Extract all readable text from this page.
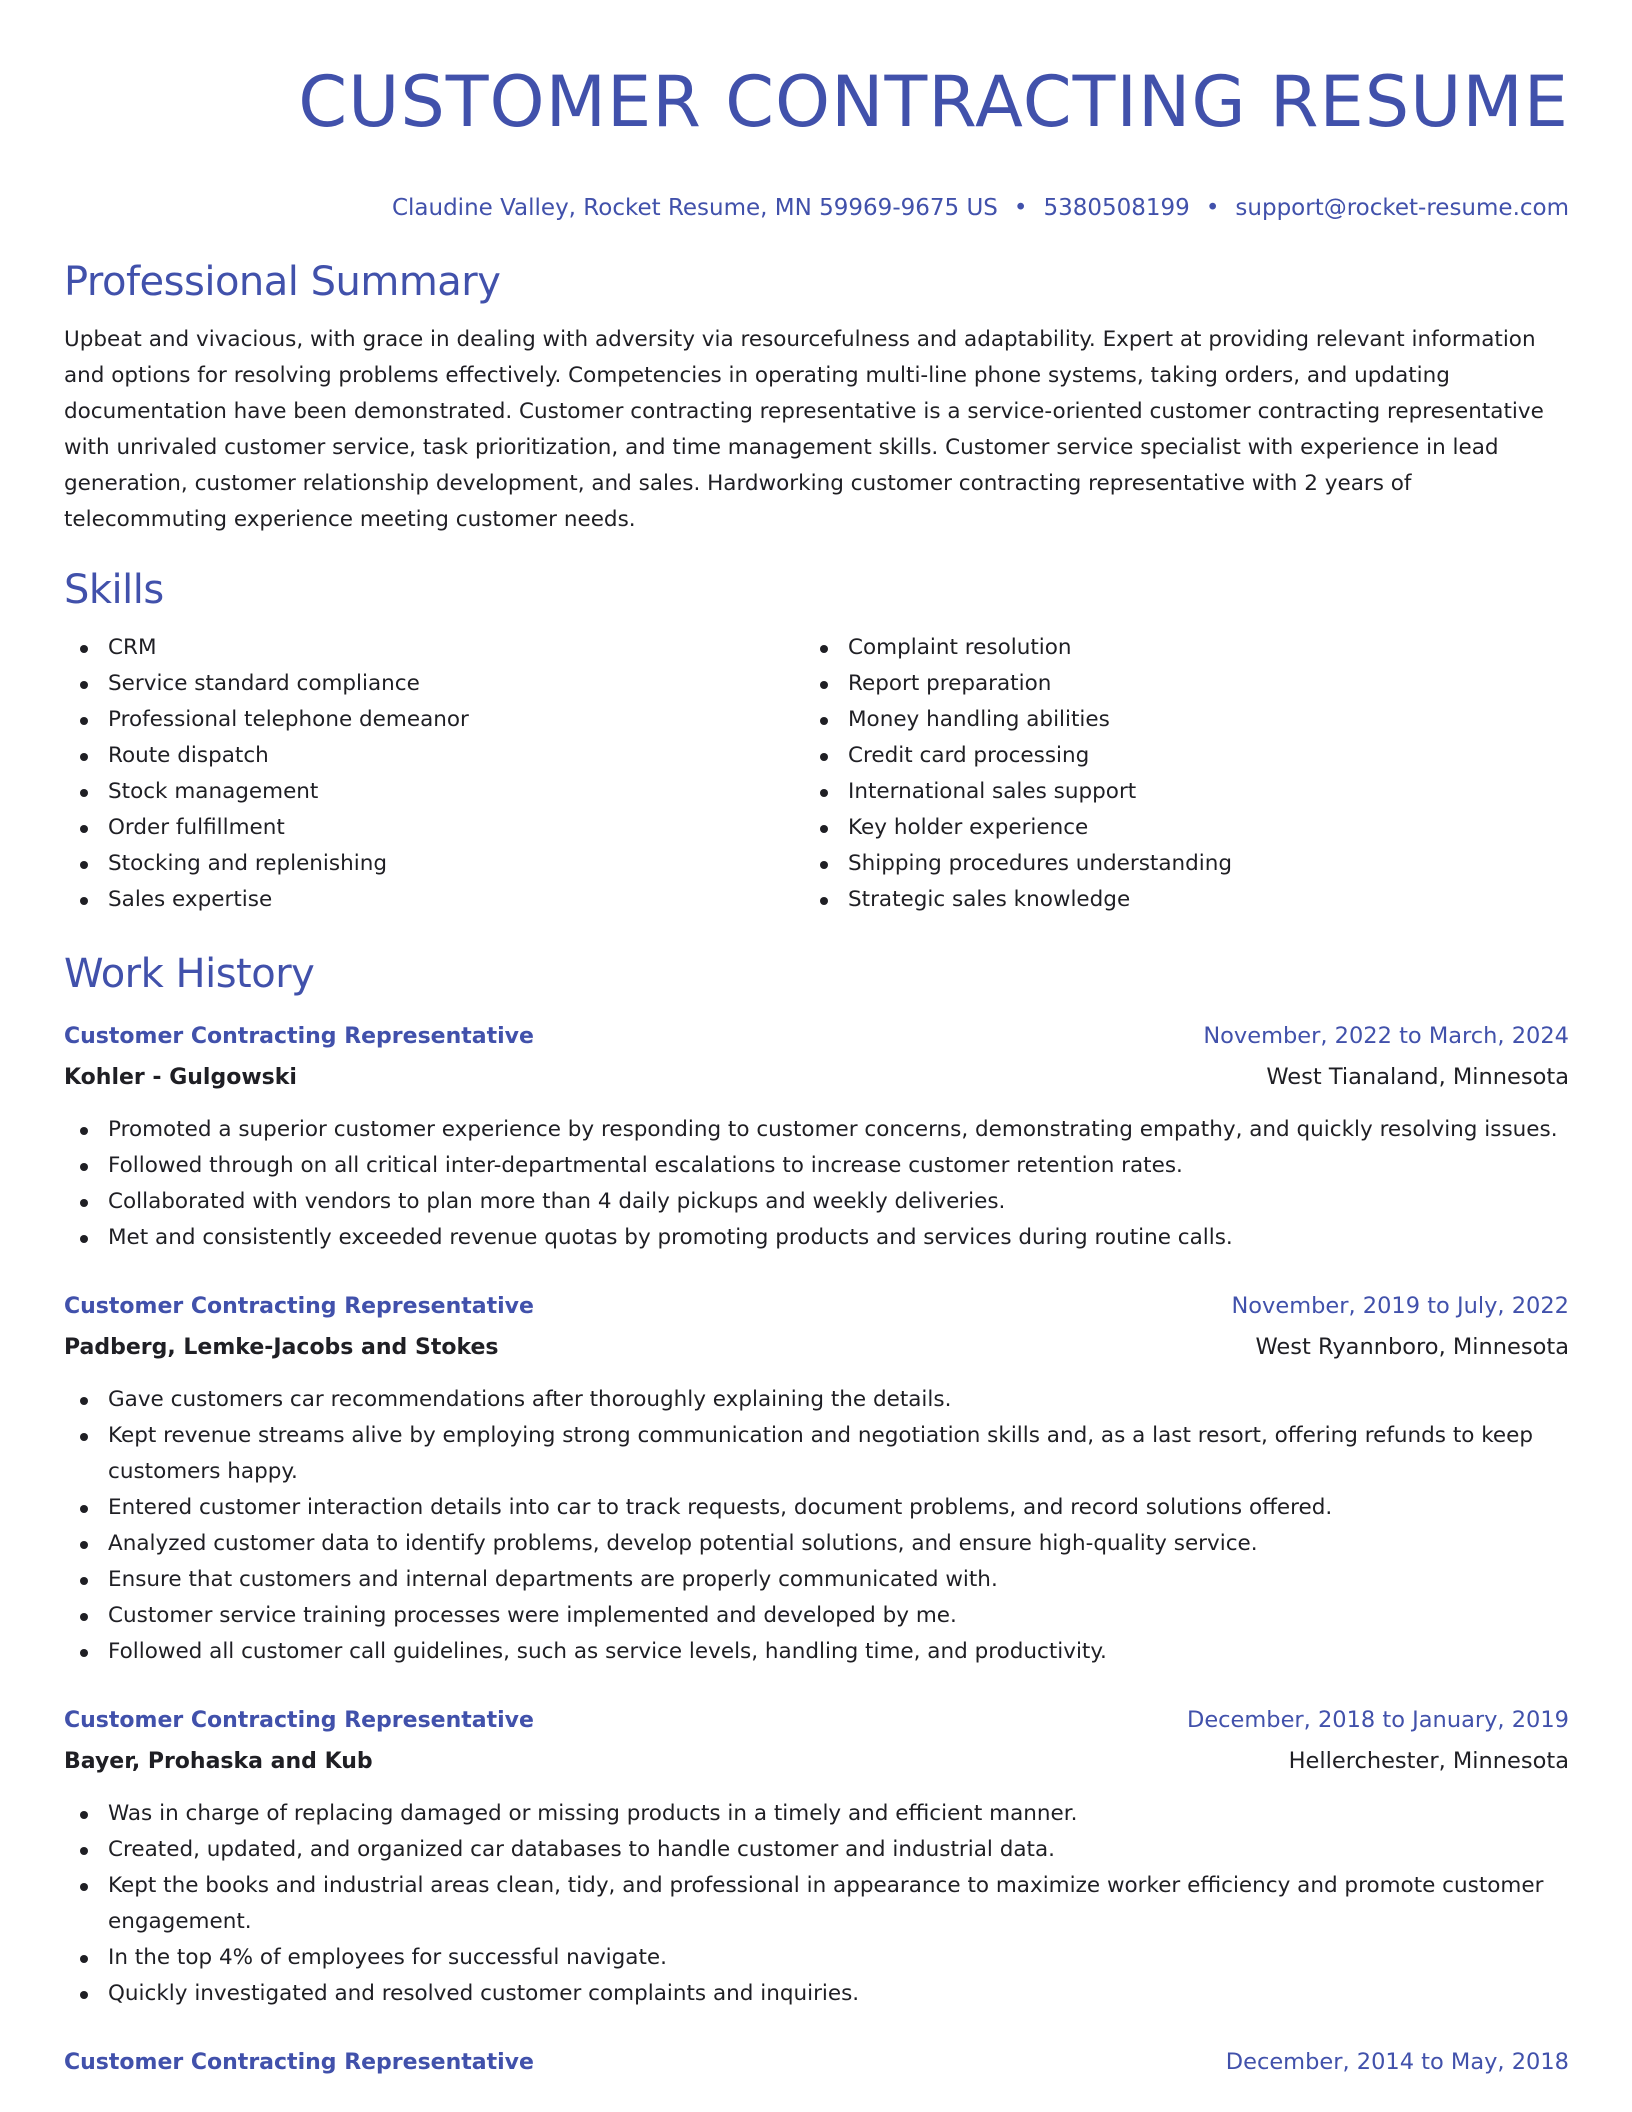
CUSTOMER CONTRACTING RESUME
Claudine Valley, Rocket Resume, MN 59969-9675 US • 5380508199 • support@rocket-resume.com
Professional Summary

Upbeat and vivacious, with grace in dealing with adversity via resourcefulness and adaptability. Expert at providing relevant information and options for resolving problems effectively. Competencies in operating multi-line phone systems, taking orders, and updating documentation have been demonstrated. Customer contracting representative is a service-oriented customer contracting representative with unrivaled customer service, task prioritization, and time management skills. Customer service specialist with experience in lead generation, customer relationship development, and sales. Hardworking customer contracting representative with 2 years of telecommuting experience meeting customer needs.

Skills
CRM
Service standard compliance
Professional telephone demeanor
Route dispatch
Stock management
Order fulfillment
Stocking and replenishing
Sales expertise
Complaint resolution
Report preparation
Money handling abilities
Credit card processing
International sales support
Key holder experience
Shipping procedures understanding
Strategic sales knowledge
Work History
Customer Contracting Representative	November, 2022 to March, 2024
Kohler - Gulgowski	West Tianaland, Minnesota
Promoted a superior customer experience by responding to customer concerns, demonstrating empathy, and quickly resolving issues.
Followed through on all critical inter-departmental escalations to increase customer retention rates.
Collaborated with vendors to plan more than 4 daily pickups and weekly deliveries.
Met and consistently exceeded revenue quotas by promoting products and services during routine calls.
Customer Contracting Representative	November, 2019 to July, 2022
Padberg, Lemke-Jacobs and Stokes	West Ryannboro, Minnesota
Gave customers car recommendations after thoroughly explaining the details.
Kept revenue streams alive by employing strong communication and negotiation skills and, as a last resort, offering refunds to keep customers happy.
Entered customer interaction details into car to track requests, document problems, and record solutions offered.
Analyzed customer data to identify problems, develop potential solutions, and ensure high-quality service.
Ensure that customers and internal departments are properly communicated with.
Customer service training processes were implemented and developed by me.
Followed all customer call guidelines, such as service levels, handling time, and productivity.
Customer Contracting Representative	December, 2018 to January, 2019
Bayer, Prohaska and Kub	Hellerchester, Minnesota
Was in charge of replacing damaged or missing products in a timely and efficient manner.
Created, updated, and organized car databases to handle customer and industrial data.
Kept the books and industrial areas clean, tidy, and professional in appearance to maximize worker efficiency and promote customer engagement.
In the top 4% of employees for successful navigate.
Quickly investigated and resolved customer complaints and inquiries.
Customer Contracting Representative	December, 2014 to May, 2018
